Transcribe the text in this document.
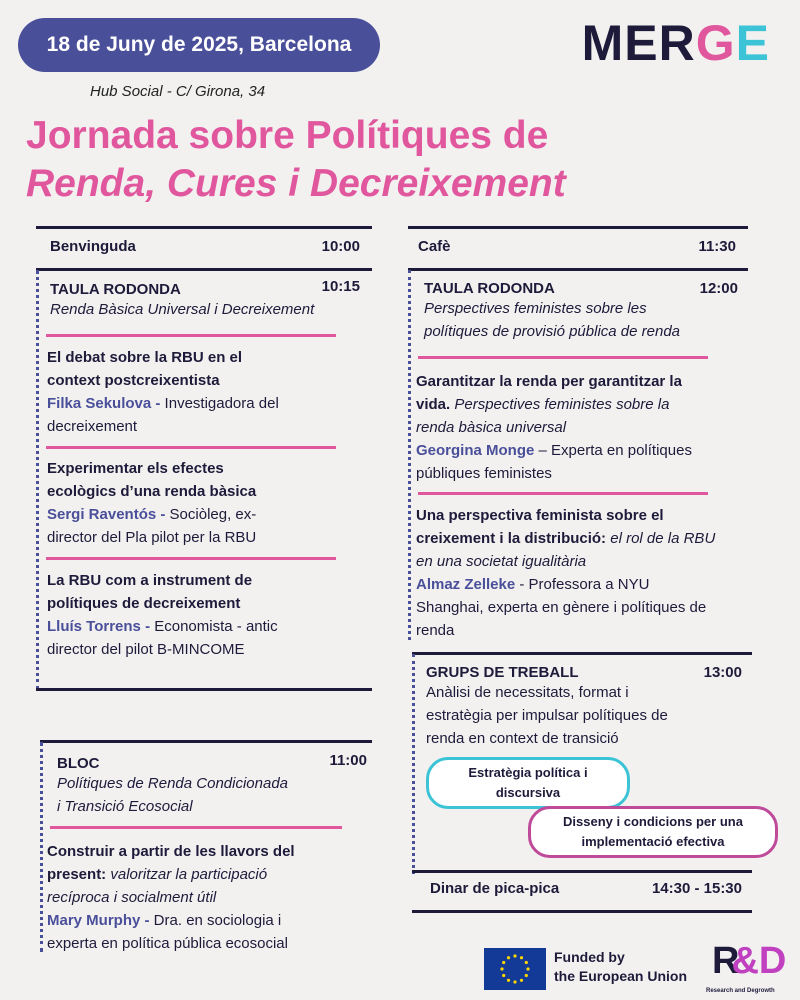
18 de Juny de 2025, Barcelona
Hub Social - C/ Girona, 34
MERGE
Jornada sobre Polítiques de
Renda, Cures i Decreixement
Benvinguda	10:00
TAULA RODONDA	10:15
Renda Bàsica Universal i Decreixement
El debat sobre la RBU en el
context postcreixentista
Filka Sekulova - Investigadora del
decreixement
Experimentar els efectes
ecològics d’una renda bàsica
Sergi Raventós - Sociòleg, ex-
director del Pla pilot per la RBU
La RBU com a instrument de
polítiques de decreixement
Lluís Torrens - Economista - antic
director del pilot B-MINCOME
BLOC	11:00
Polítiques de Renda Condicionada
i Transició Ecosocial
Construir a partir de les llavors del
present: valoritzar la participació
recíproca i socialment útil
Mary Murphy - Dra. en sociologia i
experta en política pública ecosocial
Cafè	11:30
TAULA RODONDA	12:00
Perspectives feministes sobre les
polítiques de provisió pública de renda
Garantitzar la renda per garantitzar la
vida. Perspectives feministes sobre la
renda bàsica universal
Georgina Monge – Experta en polítiques
públiques feministes
Una perspectiva feminista sobre el
creixement i la distribució: el rol de la RBU
en una societat igualitària
Almaz Zelleke - Professora a NYU
Shanghai, experta en gènere i polítiques de
renda
GRUPS DE TREBALL	13:00
Anàlisi de necessitats, format i
estratègia per impulsar polítiques de
renda en context de transició
Estratègia política i
discursiva
Disseny i condicions per una
implementació efectiva
Dinar de pica-pica	14:30 - 15:30
Funded by
the European Union R&D
Research and Degrowth
